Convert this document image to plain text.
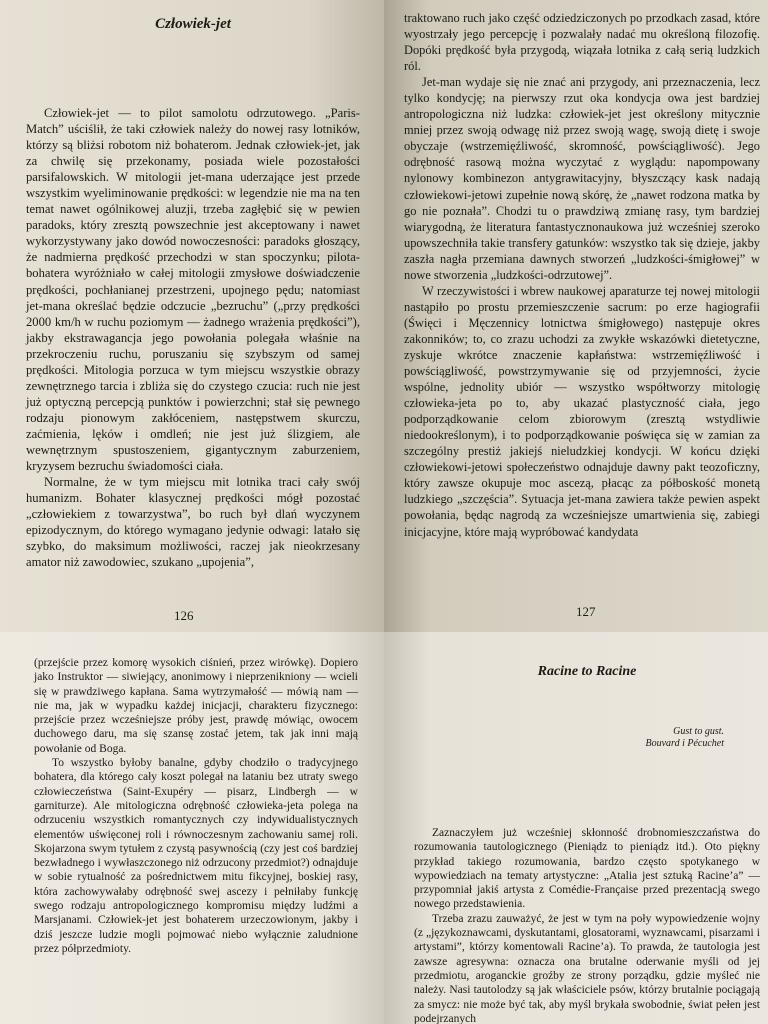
Człowiek-jet

Człowiek-jet — to pilot samolotu odrzutowego. „Paris-Match” uściślił, że taki człowiek należy do nowej rasy lotników, którzy są bliżsi robotom niż bohaterom. Jednak człowiek-jet, jak za chwilę się przekonamy, posiada wiele pozostałości parsifalowskich. W mitologii jet-mana uderzające jest przede wszystkim wyeliminowanie prędkości: w legendzie nie ma na ten temat nawet ogólnikowej aluzji, trzeba zagłębić się w pewien paradoks, który zresztą powszechnie jest akceptowany i nawet wykorzystywany jako dowód nowoczesności: paradoks głoszący, że nadmierna prędkość przechodzi w stan spoczynku; pilota-bohatera wyróżniało w całej mitologii zmysłowe doświadczenie prędkości, pochłanianej przestrzeni, upojnego pędu; natomiast jet-mana określać będzie odczucie „bezruchu” („przy prędkości 2000 km/h w ruchu poziomym — żadnego wrażenia prędkości”), jakby ekstrawagancja jego powołania polegała właśnie na przekroczeniu ruchu, poruszaniu się szybszym od samej prędkości. Mitologia porzuca w tym miejscu wszystkie obrazy zewnętrznego tarcia i zbliża się do czystego czucia: ruch nie jest już optyczną percepcją punktów i powierzchni; stał się pewnego rodzaju pionowym zakłóceniem, następstwem skurczu, zaćmienia, lęków i omdleń; nie jest już ślizgiem, ale wewnętrznym spustoszeniem, gigantycznym zaburzeniem, kryzysem bezruchu świadomości ciała.

Normalne, że w tym miejscu mit lotnika traci cały swój humanizm. Bohater klasycznej prędkości mógł pozostać „człowiekiem z towarzystwa”, bo ruch był dlań wyczynem epizodycznym, do którego wymagano jedynie odwagi: latało się szybko, do maksimum możliwości, raczej jak nieokrzesany amator niż zawodowiec, szukano „upojenia”,

126

traktowano ruch jako część odziedziczonych po przodkach zasad, które wyostrzały jego percepcję i pozwalały nadać mu określoną filozofię. Dopóki prędkość była przygodą, wiązała lotnika z całą serią ludzkich ról.

Jet-man wydaje się nie znać ani przygody, ani przeznaczenia, lecz tylko kondycję; na pierwszy rzut oka kondycja owa jest bardziej antropologiczna niż ludzka: człowiek-jet jest określony mitycznie mniej przez swoją odwagę niż przez swoją wagę, swoją dietę i swoje obyczaje (wstrzemięźliwość, skromność, powściągliwość). Jego odrębność rasową można wyczytać z wyglądu: napompowany nylonowy kombinezon antygrawitacyjny, błyszczący kask nadają człowiekowi-jetowi zupełnie nową skórę, że „nawet rodzona matka by go nie poznała”. Chodzi tu o prawdziwą zmianę rasy, tym bardziej wiarygodną, że literatura fantastycznonaukowa już wcześniej szeroko upowszechniła takie transfery gatunków: wszystko tak się dzieje, jakby zaszła nagła przemiana dawnych stworzeń „ludzkości-śmigłowej” w nowe stworzenia „ludzkości-odrzutowej”.

W rzeczywistości i wbrew naukowej aparaturze tej nowej mitologii nastąpiło po prostu przemieszczenie sacrum: po erze hagiografii (Święci i Męczennicy lotnictwa śmigłowego) następuje okres zakonników; to, co zrazu uchodzi za zwykłe wskazówki dietetyczne, zyskuje wkrótce znaczenie kapłaństwa: wstrzemięźliwość i powściągliwość, powstrzymywanie się od przyjemności, życie wspólne, jednolity ubiór — wszystko współtworzy mitologię człowieka-jeta po to, aby ukazać plastyczność ciała, jego podporządkowanie celom zbiorowym (zresztą wstydliwie niedookreślonym), i to podporządkowanie poświęca się w zamian za szczególny prestiż jakiejś nieludzkiej kondycji. W końcu dzięki człowiekowi-jetowi społeczeństwo odnajduje dawny pakt teozoficzny, który zawsze okupuje moc ascezą, płacąc za półboskość monetą ludzkiego „szczęścia”. Sytuacja jet-mana zawiera także pewien aspekt powołania, będąc nagrodą za wcześniejsze umartwienia się, zabiegi inicjacyjne, które mają wypróbować kandydata

127

(przejście przez komorę wysokich ciśnień, przez wirówkę). Dopiero jako Instruktor — siwiejący, anonimowy i nieprzenikniony — wcieli się w prawdziwego kapłana. Sama wytrzymałość — mówią nam — nie ma, jak w wypadku każdej inicjacji, charakteru fizycznego: przejście przez wcześniejsze próby jest, prawdę mówiąc, owocem duchowego daru, ma się szansę zostać jetem, tak jak inni mają powołanie od Boga.

To wszystko byłoby banalne, gdyby chodziło o tradycyjnego bohatera, dla którego cały koszt polegał na lataniu bez utraty swego człowieczeństwa (Saint-Exupéry — pisarz, Lindbergh — w garniturze). Ale mitologiczna odrębność człowieka-jeta polega na odrzuceniu wszystkich romantycznych czy indywidualistycznych elementów uświęconej roli i równoczesnym zachowaniu samej roli. Skojarzona swym tytułem z czystą pasywnością (czy jest coś bardziej bezwładnego i wywłaszczonego niż odrzucony przedmiot?) odnajduje w sobie rytualność za pośrednictwem mitu fikcyjnej, boskiej rasy, która zachowywałaby odrębność swej ascezy i pełniłaby funkcję swego rodzaju antropologicznego kompromisu między ludźmi a Marsjanami. Człowiek-jet jest bohaterem urzeczowionym, jakby i dziś jeszcze ludzie mogli pojmować niebo wyłącznie zaludnione przez półprzedmioty.

Racine to Racine
Gust to gust.
Bouvard i Pécuchet

Zaznaczyłem już wcześniej skłonność drobnomieszczaństwa do rozumowania tautologicznego (Pieniądz to pieniądz itd.). Oto piękny przykład takiego rozumowania, bardzo często spotykanego w wypowiedziach na tematy artystyczne: „Atalia jest sztuką Racine’a” — przypomniał jakiś artysta z Comédie-Française przed prezentacją swego nowego przedstawienia.

Trzeba zrazu zauważyć, że jest w tym na poły wypowiedzenie wojny (z „językoznawcami, dyskutantami, glosatorami, wyznawcami, pisarzami i artystami”, którzy komentowali Racine’a). To prawda, że tautologia jest zawsze agresywna: oznacza ona brutalne oderwanie myśli od jej przedmiotu, aroganckie groźby ze strony porządku, gdzie myśleć nie należy. Nasi tautolodzy są jak właściciele psów, którzy brutalnie pociągają za smycz: nie może być tak, aby myśl brykała swobodnie, świat pełen jest podejrzanych
